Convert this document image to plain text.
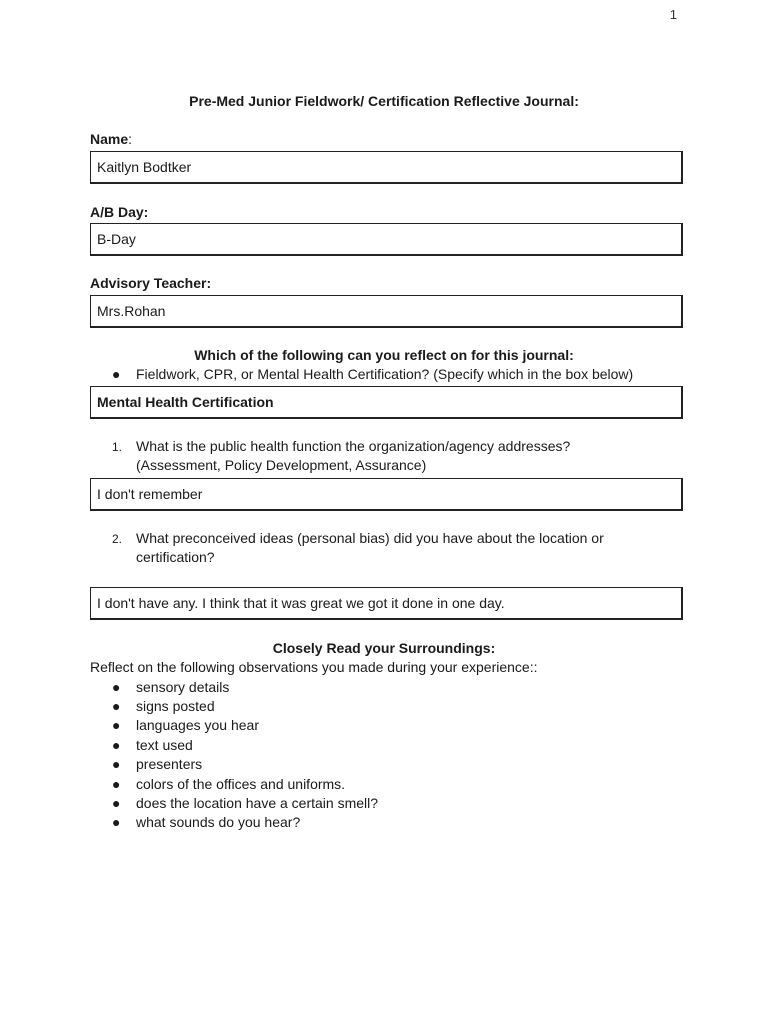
1
Pre-Med Junior Fieldwork/ Certification Reflective Journal:
Name:
Kaitlyn Bodtker
A/B Day:
B-Day
Advisory Teacher:
Mrs.Rohan
Which of the following can you reflect on for this journal:
●	Fieldwork, CPR, or Mental Health Certification? (Specify which in the box below)
Mental Health Certification
1. What is the public health function the organization/agency addresses? (Assessment, Policy Development, Assurance)
I don't remember
2. What preconceived ideas (personal bias) did you have about the location or certification?
I don't have any. I think that it was great we got it done in one day.
Closely Read your Surroundings:
Reflect on the following observations you made during your experience::
●	sensory details
●	signs posted
●	languages you hear
●	text used
●	presenters
●	colors of the offices and uniforms.
●	does the location have a certain smell?
●	what sounds do you hear?
